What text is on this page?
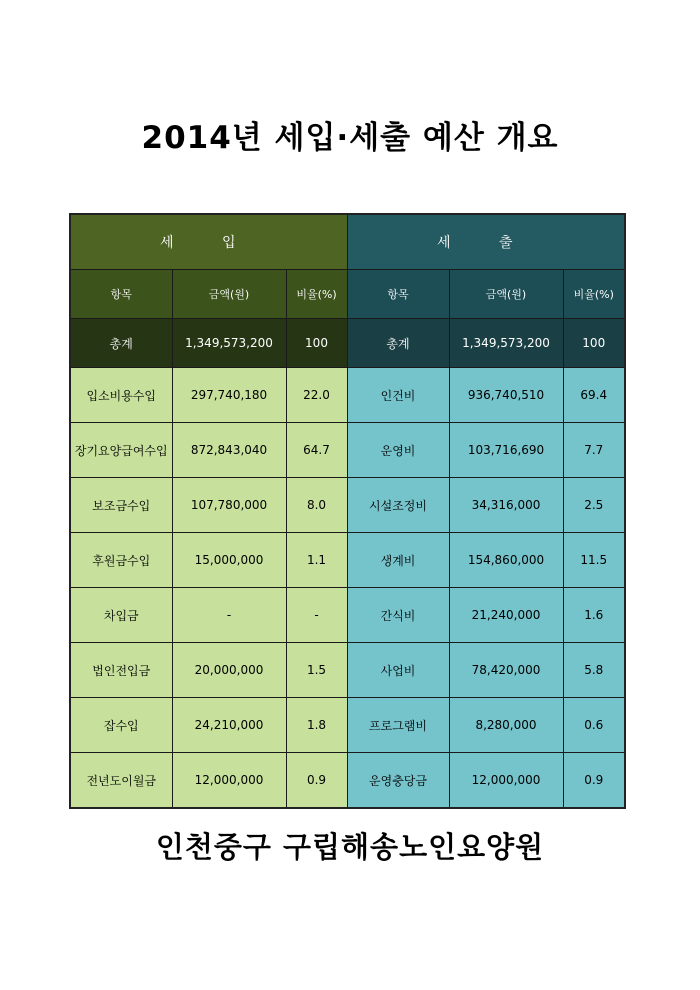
2014년 세입·세출 예산 개요
세 입			세 출		
항목	금액(원)	비율(%)	항목	금액(원)	비율(%)
총계	1,349,573,200	100	총계	1,349,573,200	100
입소비용수입	297,740,180	22.0	인건비	936,740,510	69.4
장기요양급여수입	872,843,040	64.7	운영비	103,716,690	7.7
보조금수입	107,780,000	8.0	시설조정비	34,316,000	2.5
후원금수입	15,000,000	1.1	생계비	154,860,000	11.5
차입금	-	-	간식비	21,240,000	1.6
법인전입금	20,000,000	1.5	사업비	78,420,000	5.8
잡수입	24,210,000	1.8	프로그램비	8,280,000	0.6
전년도이월금	12,000,000	0.9	운영충당금	12,000,000	0.9
인천중구 구립해송노인요양원
